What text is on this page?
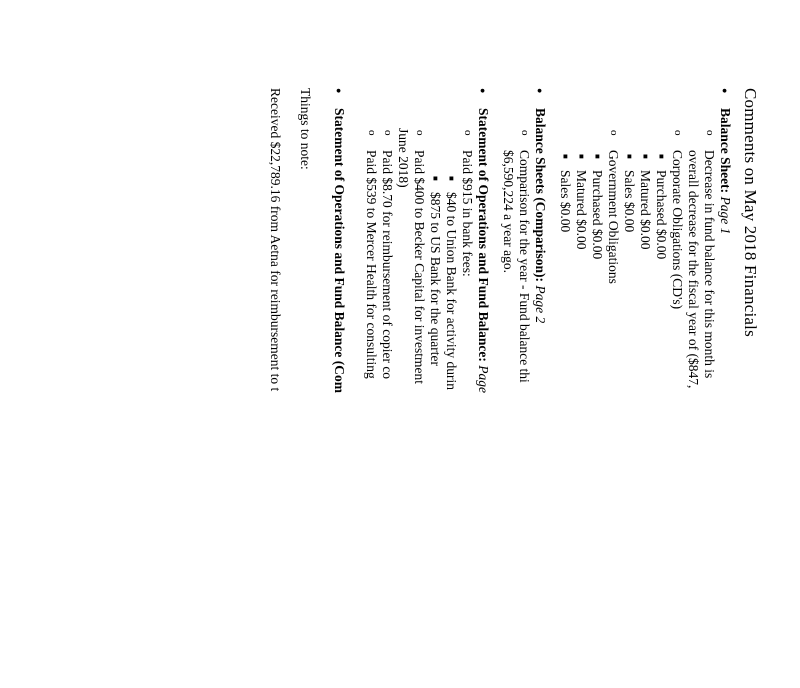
Comments on May 2018 Financials
● Balance Sheet: Page 1
o Decrease in fund balance for this month is
overall decrease for the fiscal year of ($847,
o Corporate Obligations (CD's)
■ Purchased $0.00
■ Matured $0.00
■ Sales $0.00
o Government Obligations
■ Purchased $0.00
■ Matured $0.00
■ Sales $0.00
● Balance Sheets (Comparison): Page 2
o Comparison for the year - Fund balance thi
$6,590,224 a year ago.
● Statement of Operations and Fund Balance: Page
o Paid $915 in bank fees:
■ $40 to Union Bank for activity durin
■ $875 to US Bank for the quarter
o Paid $400 to Becker Capital for investment
June 2018)
o Paid $8.70 for reimbursement of copier co
o Paid $539 to Mercer Health for consulting
● Statement of Operations and Fund Balance (Com

Things to note:

Received $22,789.16 from Aetna for reimbursement to t
